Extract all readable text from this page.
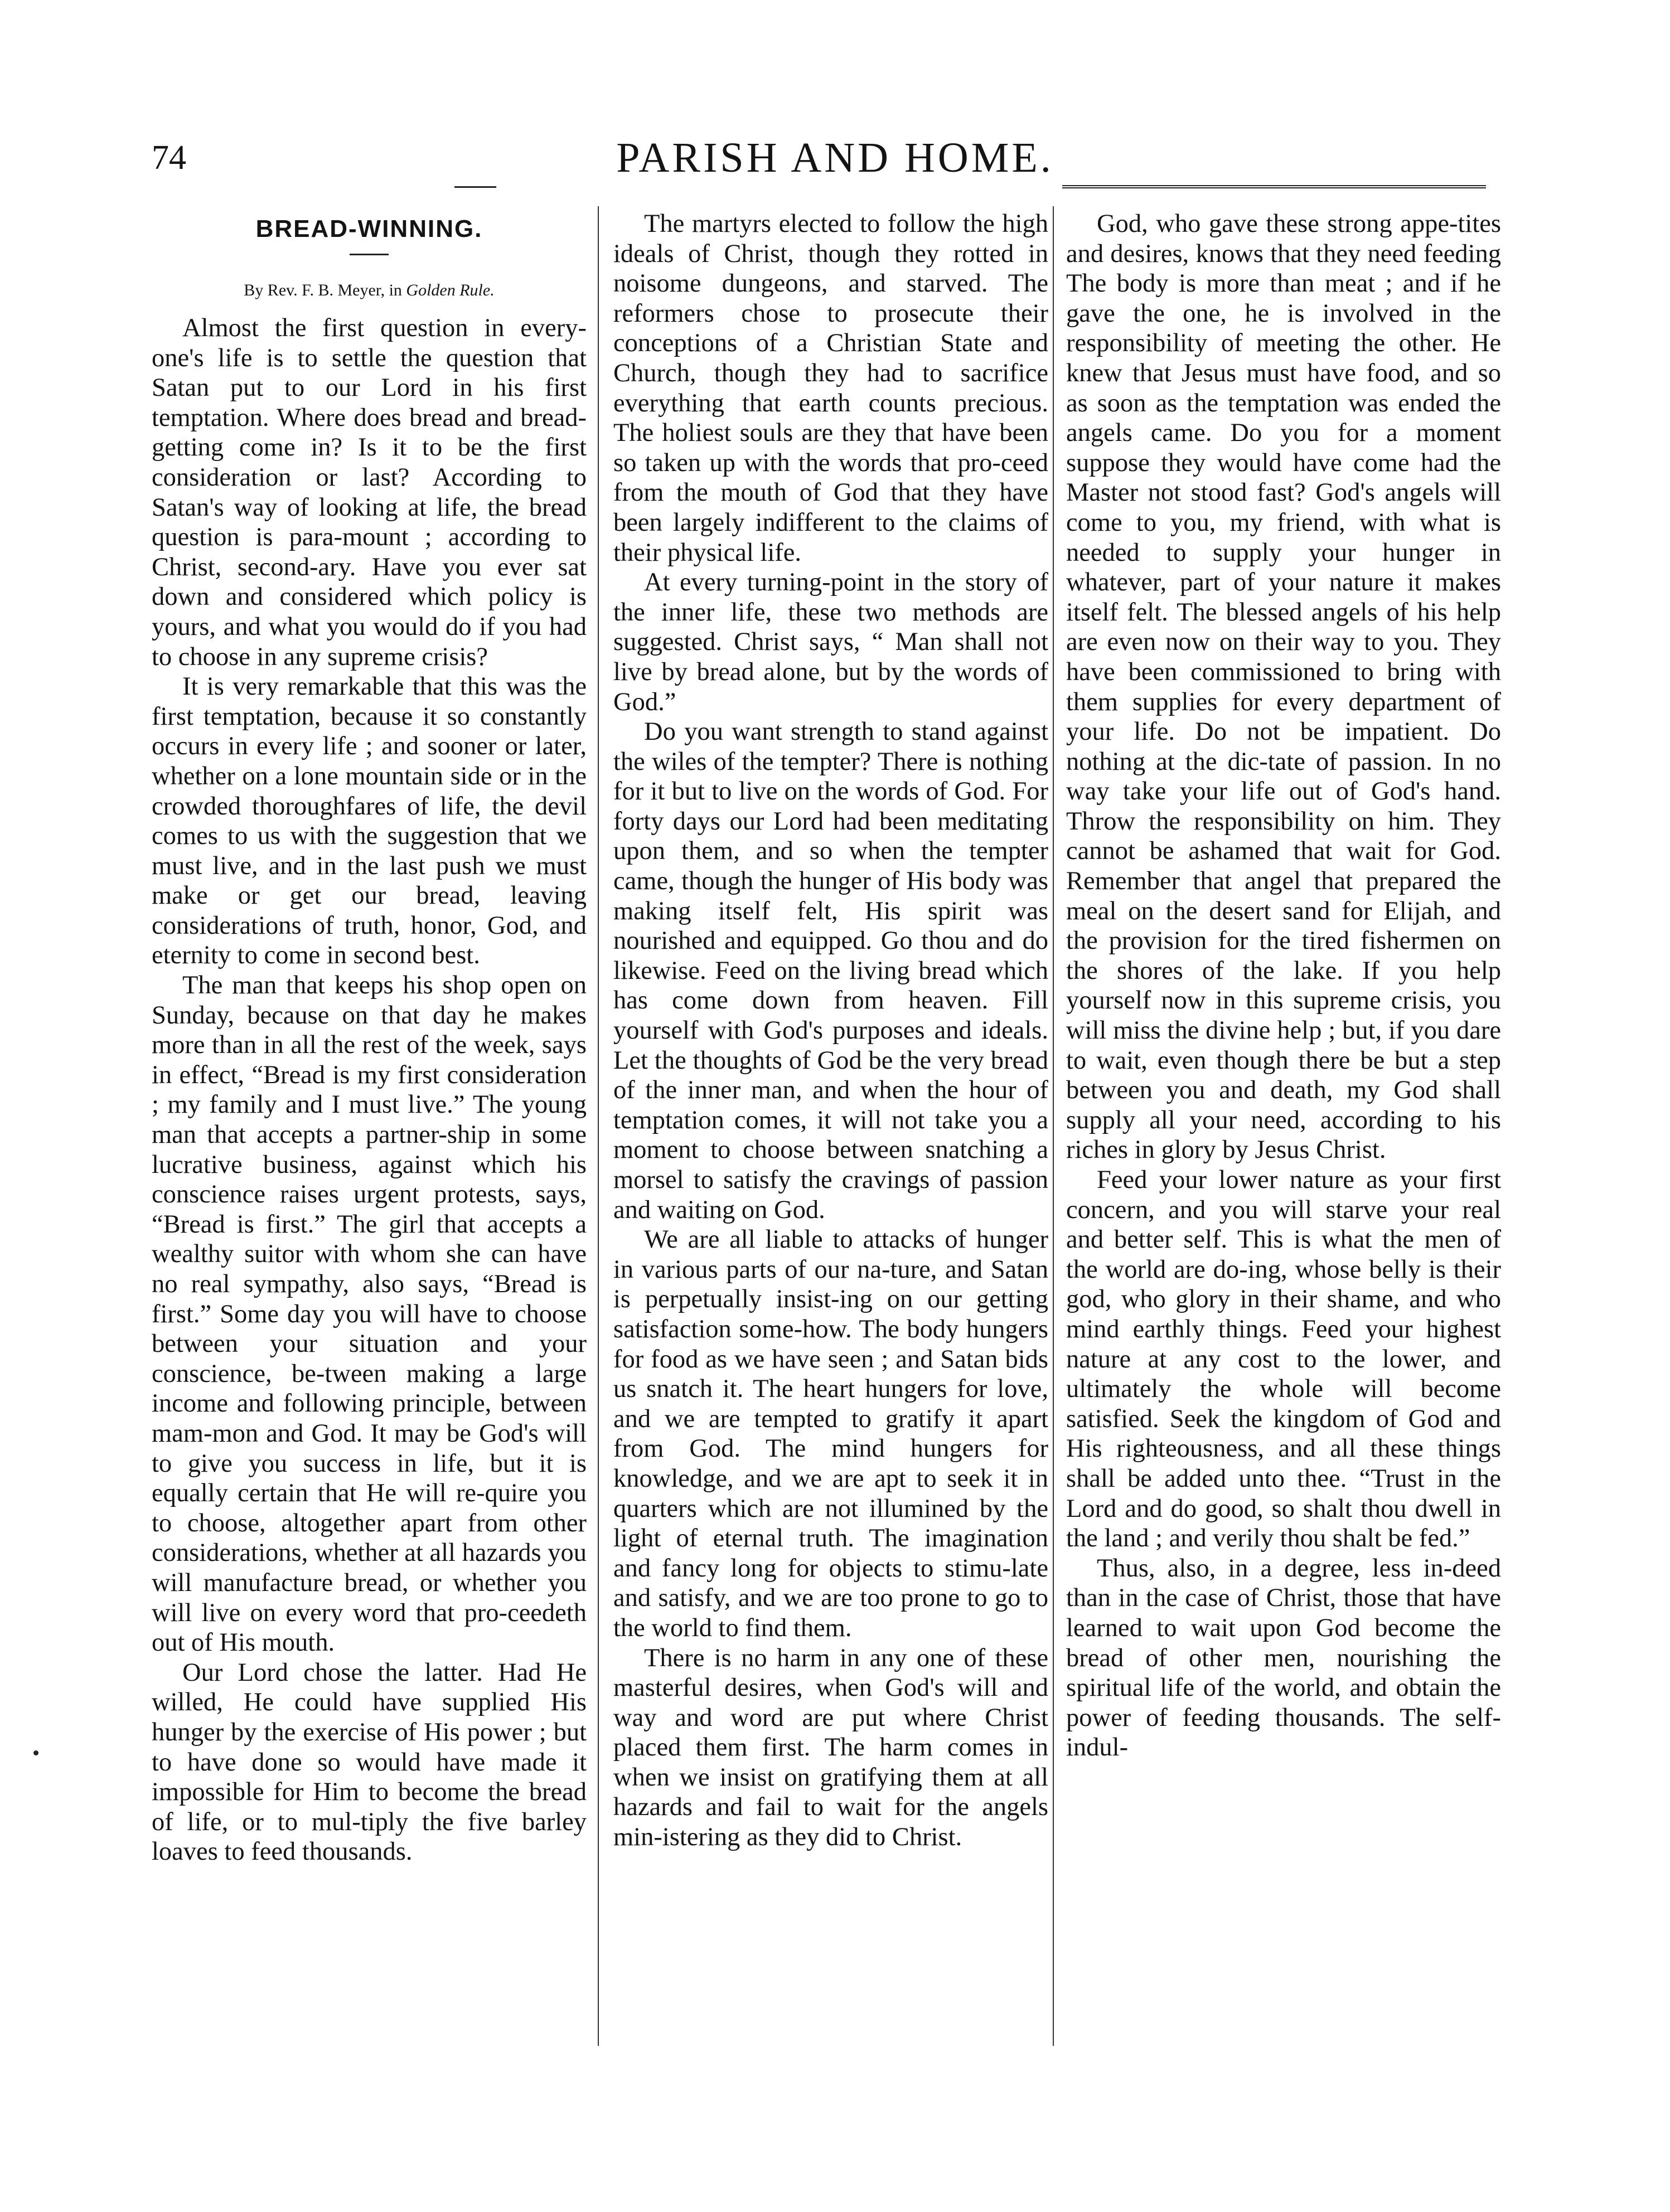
74	PARISH AND HOME.
BREAD-WINNING.
By Rev. F. B. Meyer, in Golden Rule.

Almost the first question in every-one's life is to settle the question that Satan put to our Lord in his first temptation. Where does bread and bread-getting come in? Is it to be the first consideration or last? According to Satan's way of looking at life, the bread question is para-mount ; according to Christ, second-ary. Have you ever sat down and considered which policy is yours, and what you would do if you had to choose in any supreme crisis?

It is very remarkable that this was the first temptation, because it so constantly occurs in every life ; and sooner or later, whether on a lone mountain side or in the crowded thoroughfares of life, the devil comes to us with the suggestion that we must live, and in the last push we must make or get our bread, leaving considerations of truth, honor, God, and eternity to come in second best.

The man that keeps his shop open on Sunday, because on that day he makes more than in all the rest of the week, says in effect, “Bread is my first consideration ; my family and I must live.” The young man that accepts a partner-ship in some lucrative business, against which his conscience raises urgent protests, says, “Bread is first.” The girl that accepts a wealthy suitor with whom she can have no real sympathy, also says, “Bread is first.” Some day you will have to choose between your situation and your conscience, be-tween making a large income and following principle, between mam-mon and God. It may be God's will to give you success in life, but it is equally certain that He will re-quire you to choose, altogether apart from other considerations, whether at all hazards you will manufacture bread, or whether you will live on every word that pro-ceedeth out of His mouth.

Our Lord chose the latter. Had He willed, He could have supplied His hunger by the exercise of His power ; but to have done so would have made it impossible for Him to become the bread of life, or to mul-tiply the five barley loaves to feed thousands.

The martyrs elected to follow the high ideals of Christ, though they rotted in noisome dungeons, and starved. The reformers chose to prosecute their conceptions of a Christian State and Church, though they had to sacrifice everything that earth counts precious. The holiest souls are they that have been so taken up with the words that pro-ceed from the mouth of God that they have been largely indifferent to the claims of their physical life.

At every turning-point in the story of the inner life, these two methods are suggested. Christ says, “ Man shall not live by bread alone, but by the words of God.”

Do you want strength to stand against the wiles of the tempter? There is nothing for it but to live on the words of God. For forty days our Lord had been meditating upon them, and so when the tempter came, though the hunger of His body was making itself felt, His spirit was nourished and equipped. Go thou and do likewise. Feed on the living bread which has come down from heaven. Fill yourself with God's purposes and ideals. Let the thoughts of God be the very bread of the inner man, and when the hour of temptation comes, it will not take you a moment to choose between snatching a morsel to satisfy the cravings of passion and waiting on God.

We are all liable to attacks of hunger in various parts of our na-ture, and Satan is perpetually insist-ing on our getting satisfaction some-how. The body hungers for food as we have seen ; and Satan bids us snatch it. The heart hungers for love, and we are tempted to gratify it apart from God. The mind hungers for knowledge, and we are apt to seek it in quarters which are not illumined by the light of eternal truth. The imagination and fancy long for objects to stimu-late and satisfy, and we are too prone to go to the world to find them.

There is no harm in any one of these masterful desires, when God's will and way and word are put where Christ placed them first. The harm comes in when we insist on gratifying them at all hazards and fail to wait for the angels min-istering as they did to Christ.

God, who gave these strong appe-tites and desires, knows that they need feeding The body is more than meat ; and if he gave the one, he is involved in the responsibility of meeting the other. He knew that Jesus must have food, and so as soon as the temptation was ended the angels came. Do you for a moment suppose they would have come had the Master not stood fast? God's angels will come to you, my friend, with what is needed to supply your hunger in whatever, part of your nature it makes itself felt. The blessed angels of his help are even now on their way to you. They have been commissioned to bring with them supplies for every department of your life. Do not be impatient. Do nothing at the dic-tate of passion. In no way take your life out of God's hand. Throw the responsibility on him. They cannot be ashamed that wait for God. Remember that angel that prepared the meal on the desert sand for Elijah, and the provision for the tired fishermen on the shores of the lake. If you help yourself now in this supreme crisis, you will miss the divine help ; but, if you dare to wait, even though there be but a step between you and death, my God shall supply all your need, according to his riches in glory by Jesus Christ.

Feed your lower nature as your first concern, and you will starve your real and better self. This is what the men of the world are do-ing, whose belly is their god, who glory in their shame, and who mind earthly things. Feed your highest nature at any cost to the lower, and ultimately the whole will become satisfied. Seek the kingdom of God and His righteousness, and all these things shall be added unto thee. “Trust in the Lord and do good, so shalt thou dwell in the land ; and verily thou shalt be fed.”

Thus, also, in a degree, less in-deed than in the case of Christ, those that have learned to wait upon God become the bread of other men, nourishing the spiritual life of the world, and obtain the power of feeding thousands. The self-indul-
